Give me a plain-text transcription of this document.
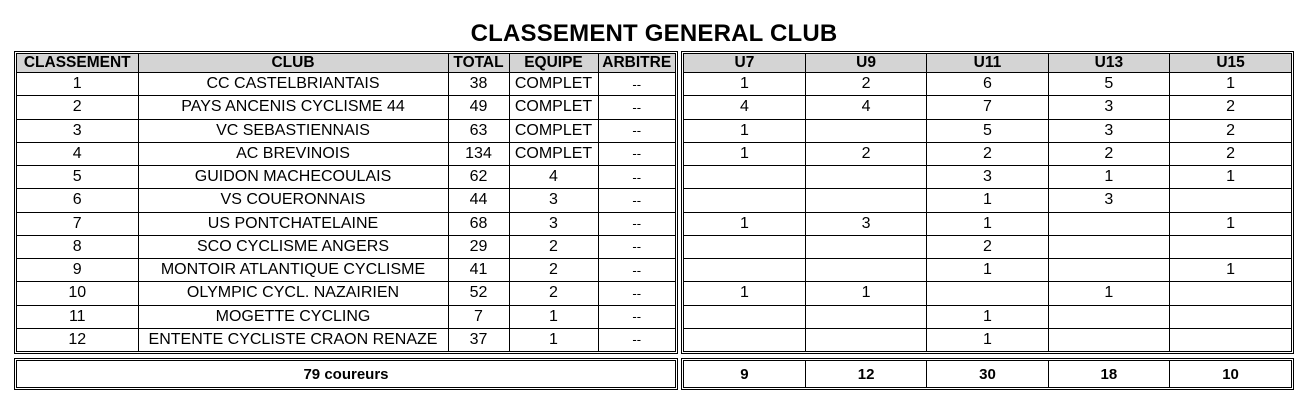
CLASSEMENT GENERAL CLUB
CLASSEMENT	CLUB	TOTAL	EQUIPE	ARBITRE
1	CC CASTELBRIANTAIS	38	COMPLET	--
2	PAYS ANCENIS CYCLISME 44	49	COMPLET	--
3	VC SEBASTIENNAIS	63	COMPLET	--
4	AC BREVINOIS	134	COMPLET	--
5	GUIDON MACHECOULAIS	62	4	--
6	VS COUERONNAIS	44	3	--
7	US PONTCHATELAINE	68	3	--
8	SCO CYCLISME ANGERS	29	2	--
9	MONTOIR ATLANTIQUE CYCLISME	41	2	--
10	OLYMPIC CYCL. NAZAIRIEN	52	2	--
11	MOGETTE CYCLING	7	1	--
12	ENTENTE CYCLISTE CRAON RENAZE	37	1	--
U7	U9	U11	U13	U15
1	2	6	5	1
4	4	7	3	2
1		5	3	2
1	2	2	2	2
		3	1	1
		1	3	
1	3	1		1
		2		
		1		1
1	1		1	
		1		
		1		
79 coureurs	9	12	30	18	10
